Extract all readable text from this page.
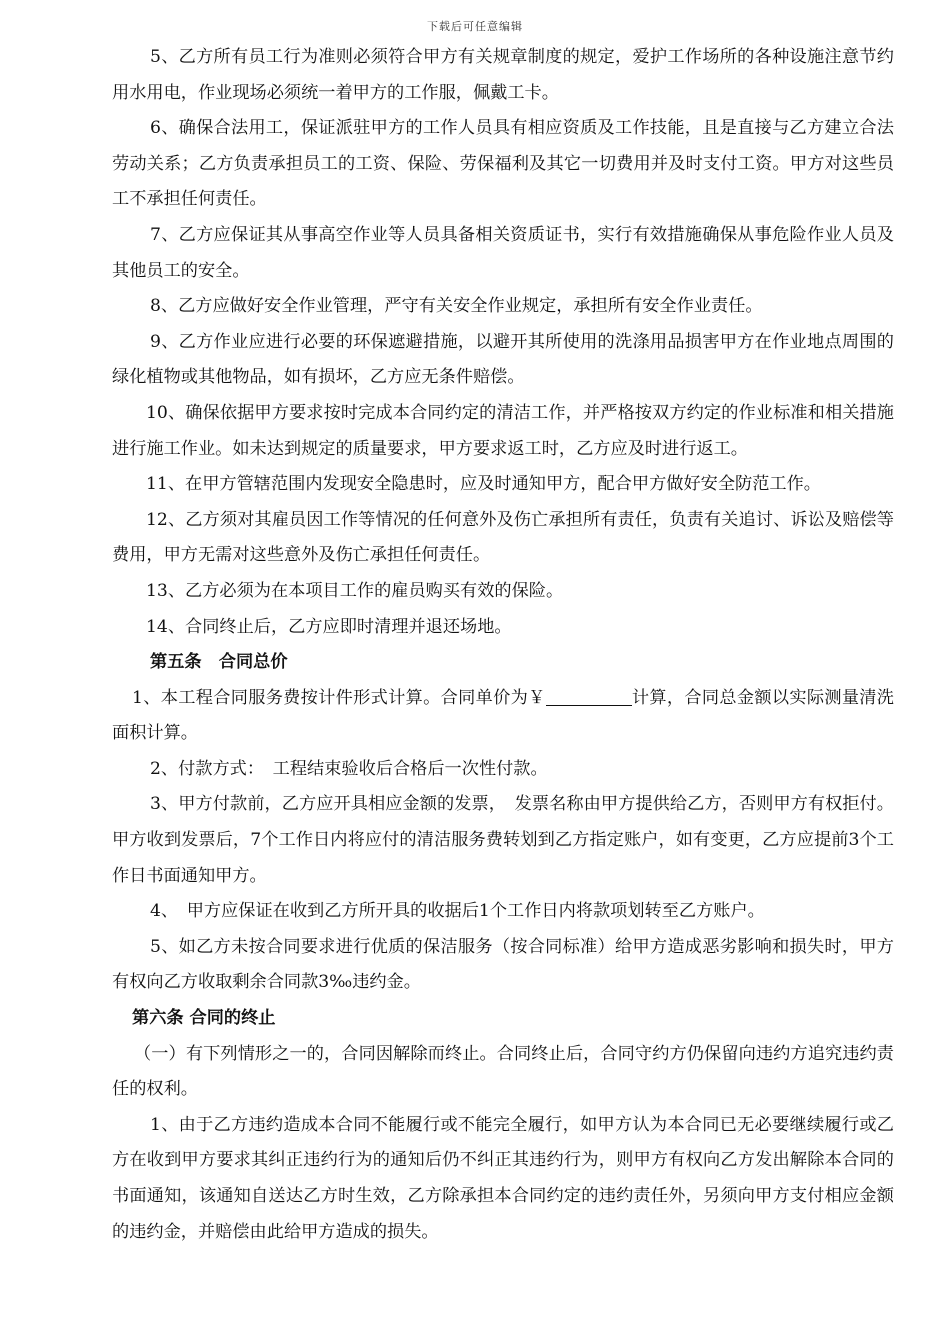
下载后可任意编辑

5、乙方所有员工行为准则必须符合甲方有关规章制度的规定，爱护工作场所的各种设施注意节约用水用电，作业现场必须统一着甲方的工作服，佩戴工卡。

6、确保合法用工，保证派驻甲方的工作人员具有相应资质及工作技能，且是直接与乙方建立合法劳动关系；乙方负责承担员工的工资、保险、劳保福利及其它一切费用并及时支付工资。甲方对这些员工不承担任何责任。

7、乙方应保证其从事高空作业等人员具备相关资质证书，实行有效措施确保从事危险作业人员及其他员工的安全。

8、乙方应做好安全作业管理，严守有关安全作业规定，承担所有安全作业责任。

9、乙方作业应进行必要的环保遮避措施，以避开其所使用的洗涤用品损害甲方在作业地点周围的绿化植物或其他物品，如有损坏，乙方应无条件赔偿。

10、确保依据甲方要求按时完成本合同约定的清洁工作，并严格按双方约定的作业标准和相关措施进行施工作业。如未达到规定的质量要求，甲方要求返工时，乙方应及时进行返工。

11、在甲方管辖范围内发现安全隐患时，应及时通知甲方，配合甲方做好安全防范工作。

12、乙方须对其雇员因工作等情况的任何意外及伤亡承担所有责任，负责有关追讨、诉讼及赔偿等费用，甲方无需对这些意外及伤亡承担任何责任。

13、乙方必须为在本项目工作的雇员购买有效的保险。

14、合同终止后，乙方应即时清理并退还场地。

第五条　合同总价

1、本工程合同服务费按计件形式计算。合同单价为￥	计算，合同总金额以实际测量清洗面积计算。

2、付款方式：　工程结束验收后合格后一次性付款。

3、甲方付款前，乙方应开具相应金额的发票，　发票名称由甲方提供给乙方，否则甲方有权拒付。甲方收到发票后，7个工作日内将应付的清洁服务费转划到乙方指定账户，如有变更，乙方应提前3个工作日书面通知甲方。

4、　甲方应保证在收到乙方所开具的收据后1个工作日内将款项划转至乙方账户。

5、如乙方未按合同要求进行优质的保洁服务（按合同标准）给甲方造成恶劣影响和损失时，甲方有权向乙方收取剩余合同款3‰违约金。

第六条 合同的终止

（一）有下列情形之一的，合同因解除而终止。合同终止后，合同守约方仍保留向违约方追究违约责任的权利。

1、由于乙方违约造成本合同不能履行或不能完全履行，如甲方认为本合同已无必要继续履行或乙方在收到甲方要求其纠正违约行为的通知后仍不纠正其违约行为，则甲方有权向乙方发出解除本合同的书面通知，该通知自送达乙方时生效，乙方除承担本合同约定的违约责任外，另须向甲方支付相应金额的违约金，并赔偿由此给甲方造成的损失。
